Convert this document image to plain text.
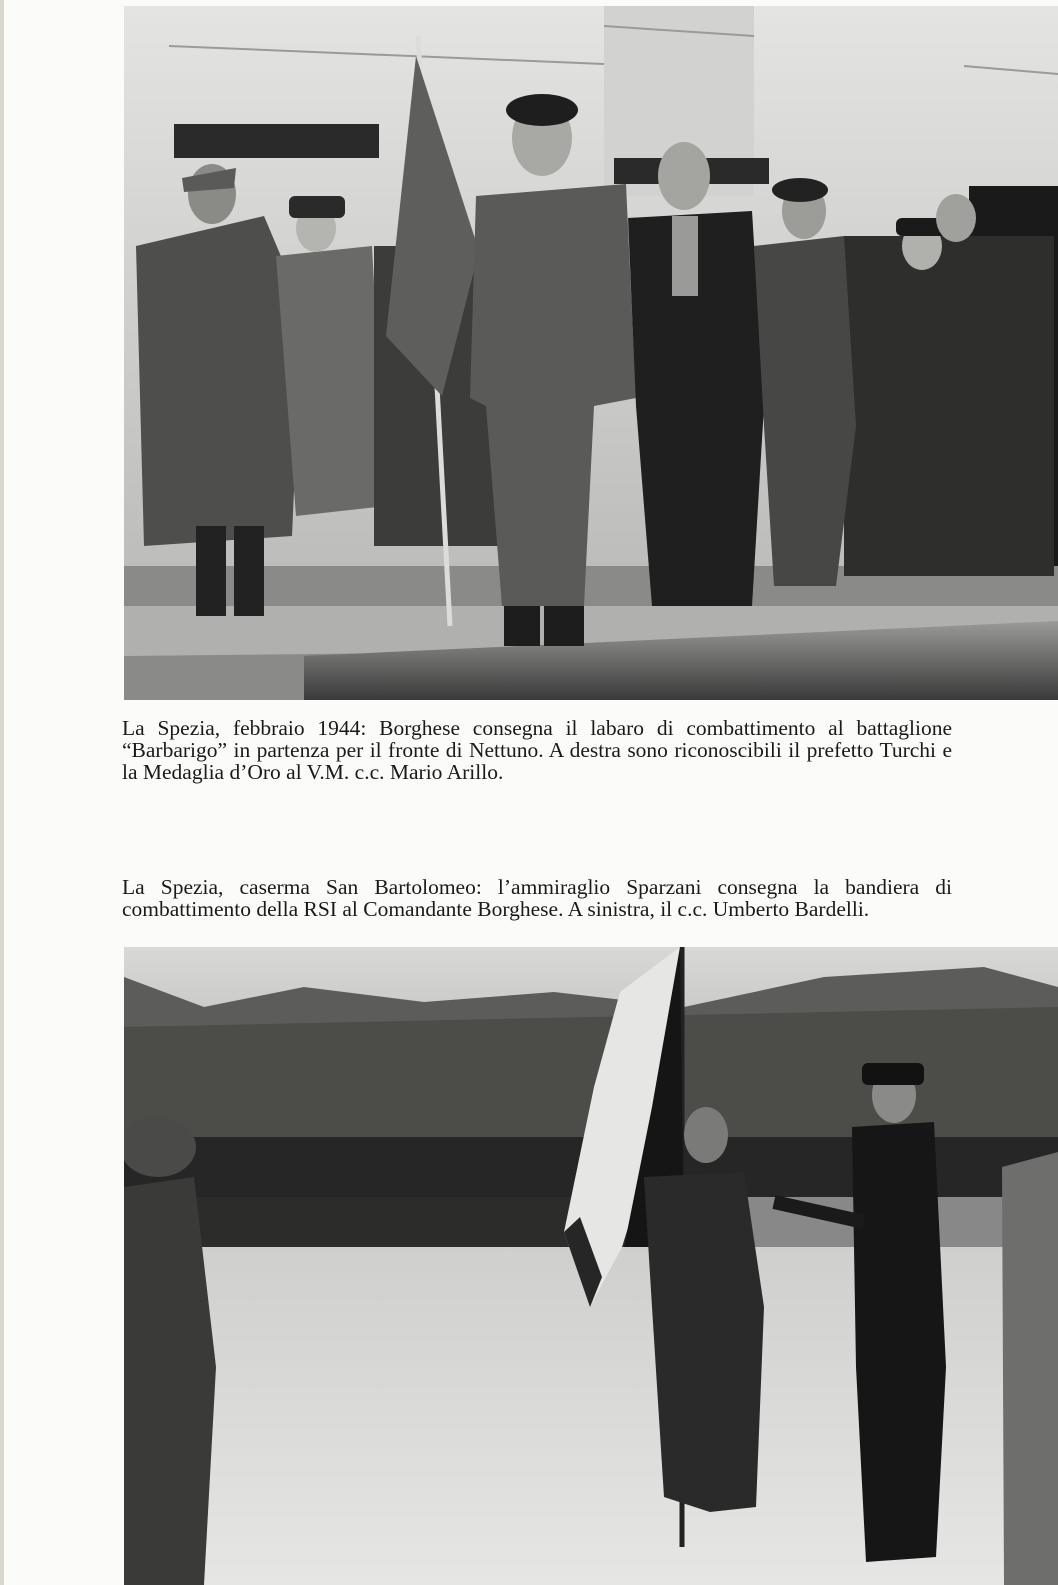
La Spezia, febbraio 1944: Borghese consegna il labaro di combattimento al battaglione “Barbarigo” in partenza per il fronte di Nettuno. A destra sono riconoscibili il prefetto Turchi e la Medaglia d’Oro al V.M. c.c. Mario Arillo.

La Spezia, caserma San Bartolomeo: l’ammiraglio Sparzani consegna la bandiera di combattimento della RSI al Comandante Borghese. A sinistra, il c.c. Umberto Bardelli.
